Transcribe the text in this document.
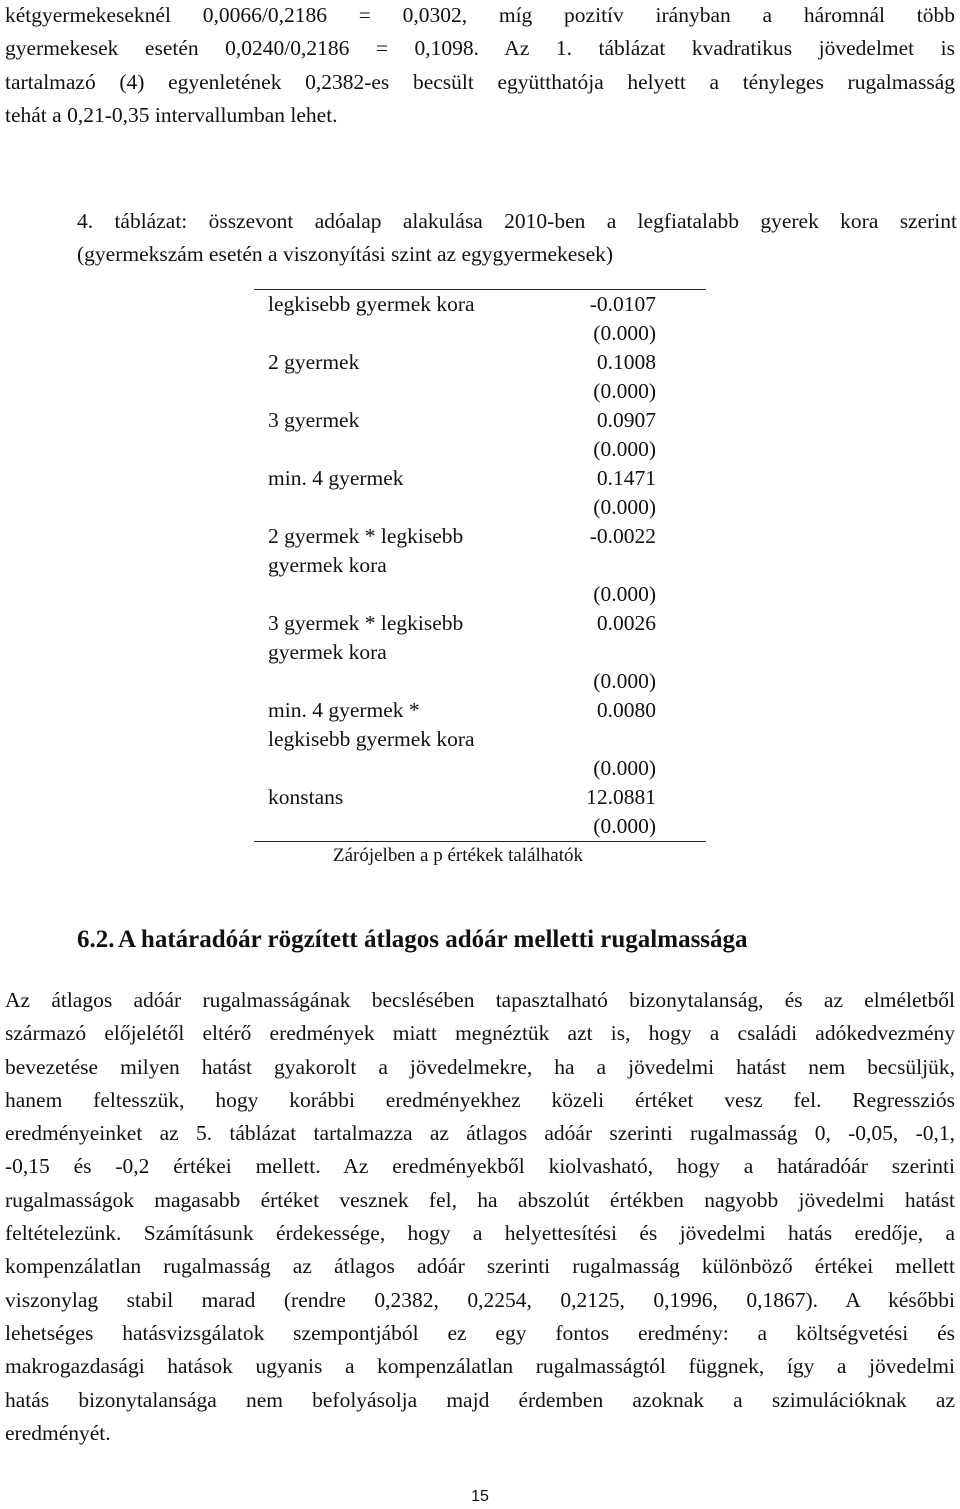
kétgyermekeseknél 0,0066/0,2186 = 0,0302, míg pozitív irányban a háromnál több
gyermekesek esetén 0,0240/0,2186 = 0,1098. Az 1. táblázat kvadratikus jövedelmet is
tartalmazó (4) egyenletének 0,2382-es becsült együtthatója helyett a tényleges rugalmasság
tehát a 0,21-0,35 intervallumban lehet.
4. táblázat: összevont adóalap alakulása 2010-ben a legfiatalabb gyerek kora szerint
(gyermekszám esetén a viszonyítási szint az egygyermekesek)
legkisebb gyermek kora	-0.0107
(0.000)
2 gyermek	0.1008
(0.000)
3 gyermek	0.0907
(0.000)
min. 4 gyermek	0.1471
(0.000)
2 gyermek * legkisebb	-0.0022
gyermek kora
(0.000)
3 gyermek * legkisebb	0.0026
gyermek kora
(0.000)
min. 4 gyermek *	0.0080
legkisebb gyermek kora
(0.000)
konstans	12.0881
(0.000)
Zárójelben a p értékek találhatók
6.2. A határadóár rögzített átlagos adóár melletti rugalmassága
Az átlagos adóár rugalmasságának becslésében tapasztalható bizonytalanság, és az elméletből
származó előjelétől eltérő eredmények miatt megnéztük azt is, hogy a családi adókedvezmény
bevezetése milyen hatást gyakorolt a jövedelmekre, ha a jövedelmi hatást nem becsüljük,
hanem feltesszük, hogy korábbi eredményekhez közeli értéket vesz fel. Regressziós
eredményeinket az 5. táblázat tartalmazza az átlagos adóár szerinti rugalmasság 0, -0,05, -0,1,
-0,15 és -0,2 értékei mellett. Az eredményekből kiolvasható, hogy a határadóár szerinti
rugalmasságok magasabb értéket vesznek fel, ha abszolút értékben nagyobb jövedelmi hatást
feltételezünk. Számításunk érdekessége, hogy a helyettesítési és jövedelmi hatás eredője, a
kompenzálatlan rugalmasság az átlagos adóár szerinti rugalmasság különböző értékei mellett
viszonylag stabil marad (rendre 0,2382, 0,2254, 0,2125, 0,1996, 0,1867). A későbbi
lehetséges hatásvizsgálatok szempontjából ez egy fontos eredmény: a költségvetési és
makrogazdasági hatások ugyanis a kompenzálatlan rugalmasságtól függnek, így a jövedelmi
hatás bizonytalansága nem befolyásolja majd érdemben azoknak a szimulációknak az
eredményét.
15
